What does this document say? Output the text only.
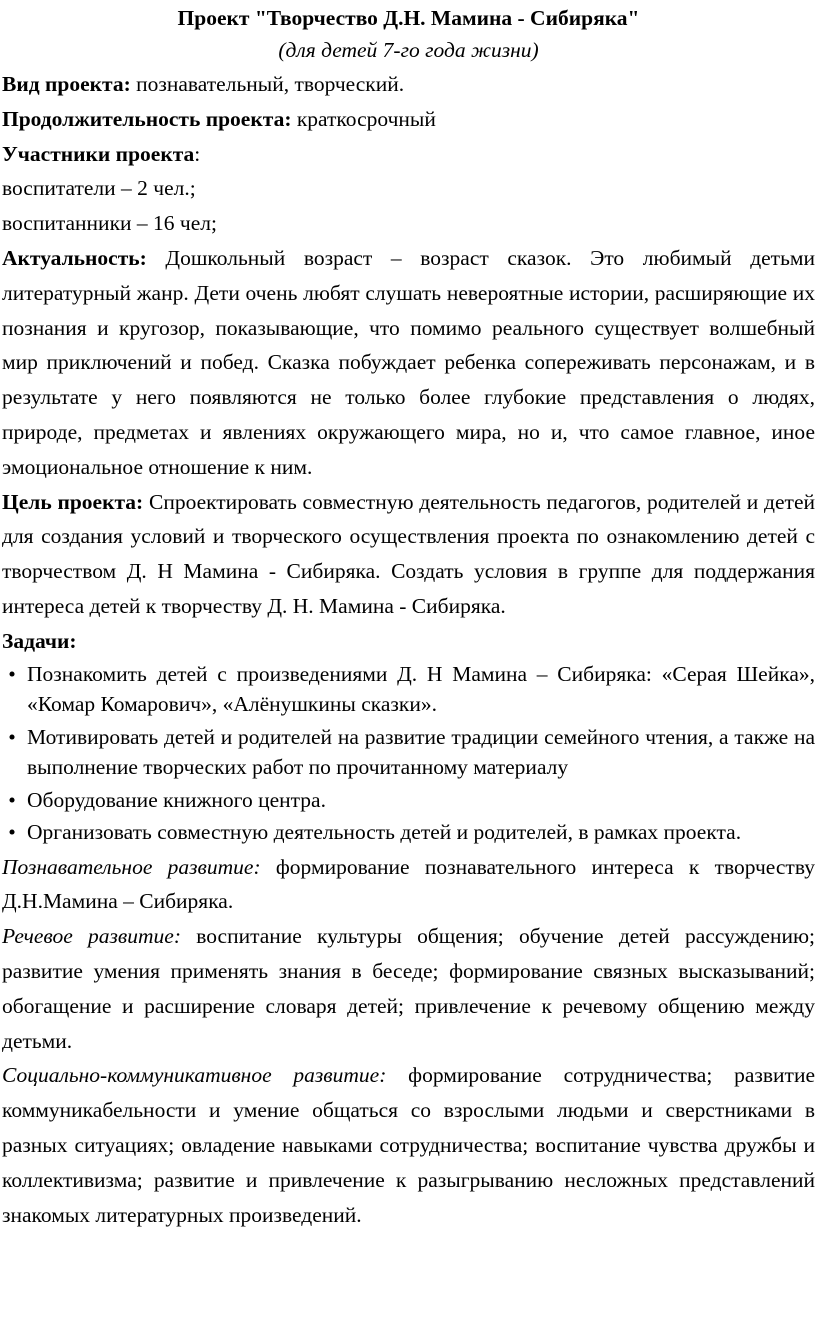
Проект "Творчество Д.Н. Мамина - Сибиряка"

(для детей 7-го года жизни)

Вид проекта: познавательный, творческий.

Продолжительность проекта: краткосрочный

Участники проекта:

воспитатели – 2 чел.;

воспитанники – 16 чел;

Актуальность: Дошкольный возраст – возраст сказок. Это любимый детьми литературный жанр. Дети очень любят слушать невероятные истории, расширяющие их познания и кругозор, показывающие, что помимо реального существует волшебный мир приключений и побед. Сказка побуждает ребенка сопереживать персонажам, и в результате у него появляются не только более глубокие представления о людях, природе, предметах и явлениях окружающего мира, но и, что самое главное, иное эмоциональное отношение к ним.

Цель проекта: Спроектировать совместную деятельность педагогов, родителей и детей для создания условий и творческого осуществления проекта по ознакомлению детей с творчеством Д. Н Мамина - Сибиряка. Создать условия в группе для поддержания интереса детей к творчеству Д. Н. Мамина - Сибиряка.

Задачи:

• Познакомить детей с произведениями Д. Н Мамина – Сибиряка: «Серая Шейка», «Комар Комарович», «Алёнушкины сказки».
• Мотивировать детей и родителей на развитие традиции семейного чтения, а также на выполнение творческих работ по прочитанному материалу
• Оборудование книжного центра.
• Организовать совместную деятельность детей и родителей, в рамках проекта.

Познавательное развитие: формирование познавательного интереса к творчеству Д.Н.Мамина – Сибиряка.

Речевое развитие: воспитание культуры общения; обучение детей рассуждению; развитие умения применять знания в беседе; формирование связных высказываний; обогащение и расширение словаря детей; привлечение к речевому общению между детьми.

Социально-коммуникативное развитие: формирование сотрудничества; развитие коммуникабельности и умение общаться со взрослыми людьми и сверстниками в разных ситуациях; овладение навыками сотрудничества; воспитание чувства дружбы и коллективизма; развитие и привлечение к разыгрыванию несложных представлений знакомых литературных произведений.
